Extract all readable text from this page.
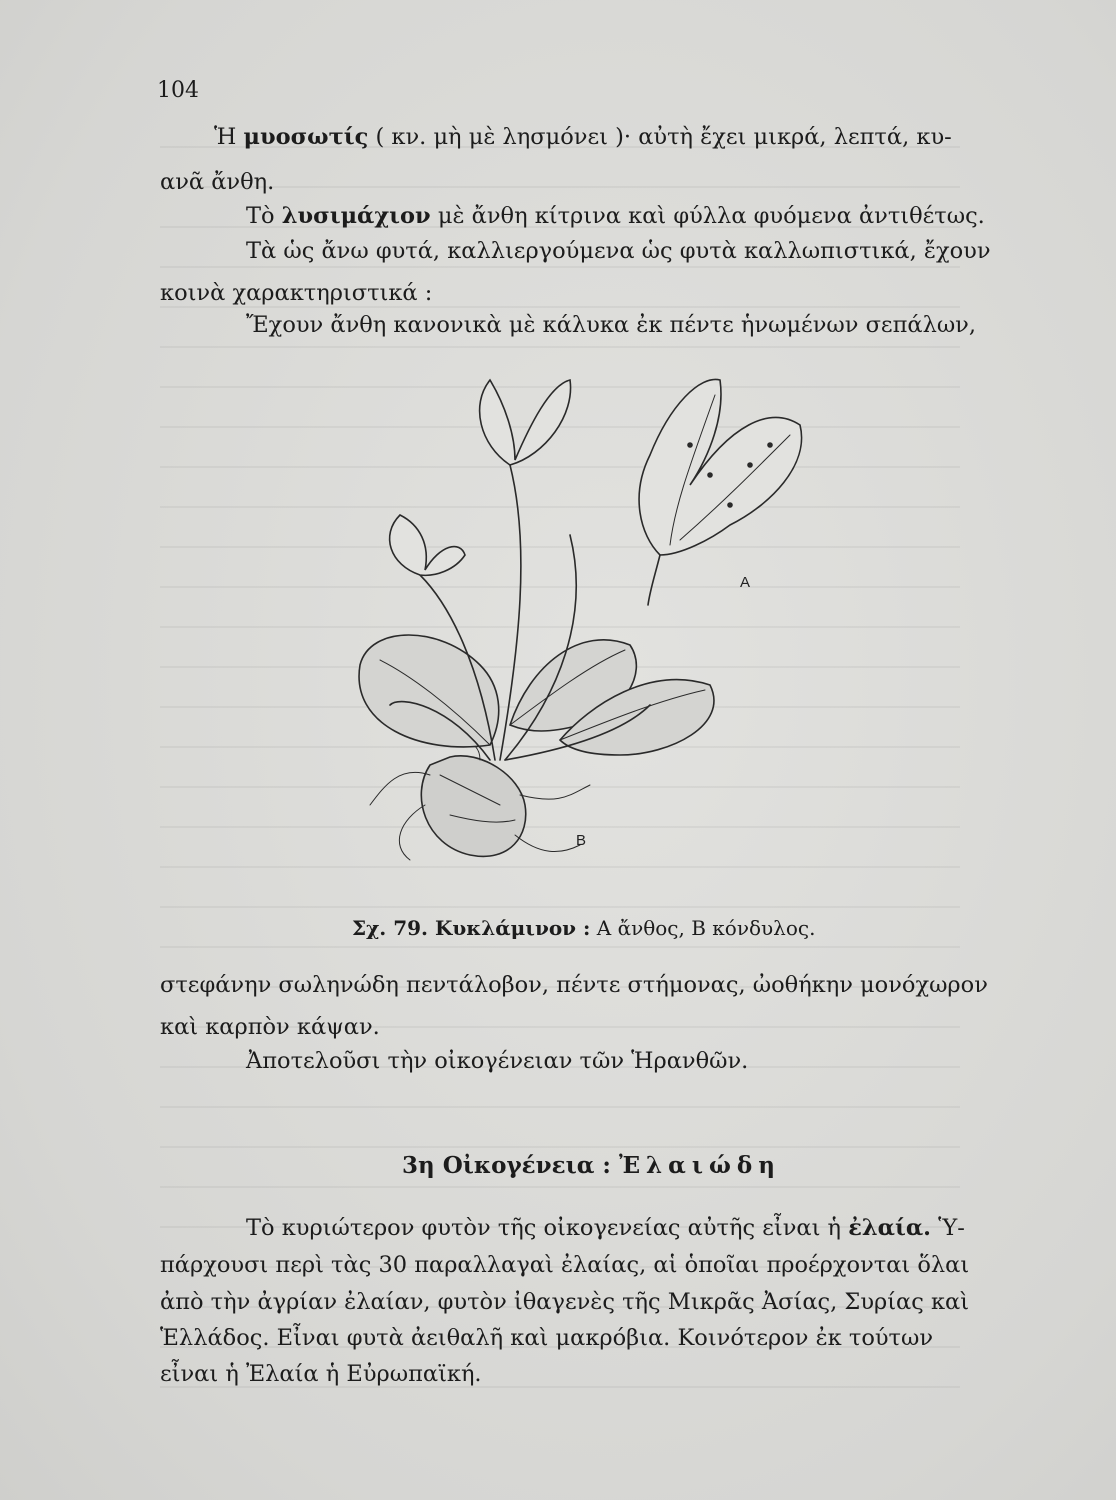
104
Ἡ μυοσωτίς ( κν. μὴ μὲ λησμόνει )· αὐτὴ ἔχει μικρά, λεπτά, κυ-
ανᾶ ἄνθη.
Τὸ λυσιμάχιον μὲ ἄνθη κίτρινα καὶ φύλλα φυόμενα ἀντιθέτως.
Τὰ ὡς ἄνω φυτά, καλλιεργούμενα ὡς φυτὰ καλλωπιστικά, ἔχουν
κοινὰ χαρακτηριστικά :
Ἔχουν ἄνθη κανονικὰ μὲ κάλυκα ἐκ πέντε ἡνωμένων σεπάλων,
Α
Β
Σχ. 79. Κυκλάμινον : Α ἄνθος, Β κόνδυλος.
στεφάνην σωληνώδη πεντάλοβον, πέντε στήμονας, ὠοθήκην μονόχωρον
καὶ καρπὸν κάψαν.
Ἀποτελοῦσι τὴν οἰκογένειαν τῶν Ἡρανθῶν.
3η Οἰκογένεια : Ἐλαιώδη
Τὸ κυριώτερον φυτὸν τῆς οἰκογενείας αὐτῆς εἶναι ἡ ἐλαία. Ὑ-
πάρχουσι περὶ τὰς 30 παραλλαγαὶ ἐλαίας, αἱ ὁποῖαι προέρχονται ὅλαι
ἀπὸ τὴν ἀγρίαν ἐλαίαν, φυτὸν ἰθαγενὲς τῆς Μικρᾶς Ἀσίας, Συρίας καὶ
Ἑλλάδος. Εἶναι φυτὰ ἀειθαλῆ καὶ μακρόβια. Κοινότερον ἐκ τούτων
εἶναι ἡ Ἐλαία ἡ Εὐρωπαϊκή.
